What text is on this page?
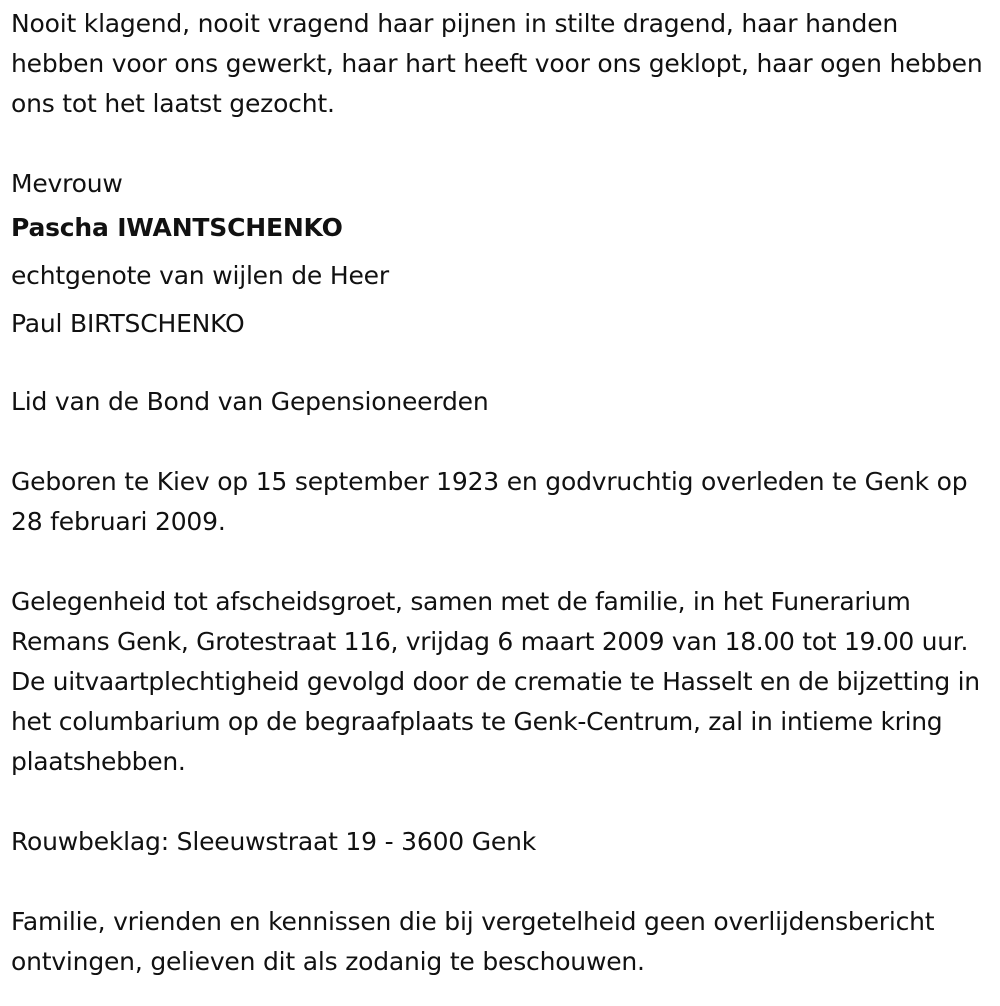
Nooit klagend, nooit vragend haar pijnen in stilte dragend, haar handen hebben voor ons gewerkt, haar hart heeft voor ons geklopt, haar ogen hebben ons tot het laatst gezocht.

Mevrouw
Pascha IWANTSCHENKO
echtgenote van wijlen de Heer
Paul BIRTSCHENKO

Lid van de Bond van Gepensioneerden

Geboren te Kiev op 15 september 1923 en godvruchtig overleden te Genk op 28 februari 2009.

Gelegenheid tot afscheidsgroet, samen met de familie, in het Funerarium Remans Genk, Grotestraat 116, vrijdag 6 maart 2009 van 18.00 tot 19.00 uur. De uitvaartplechtigheid gevolgd door de crematie te Hasselt en de bijzetting in het columbarium op de begraafplaats te Genk-Centrum, zal in intieme kring plaatshebben.

Rouwbeklag: Sleeuwstraat 19 - 3600 Genk

Familie, vrienden en kennissen die bij vergetelheid geen overlijdensbericht ontvingen, gelieven dit als zodanig te beschouwen.
